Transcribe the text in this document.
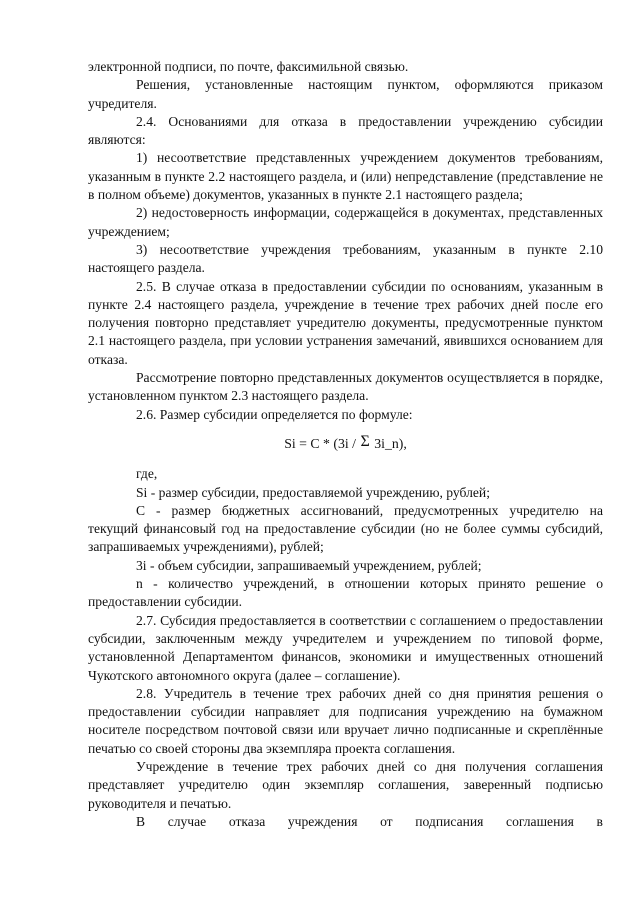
электронной подписи, по почте, факсимильной связью.

Решения, установленные настоящим пунктом, оформляются приказом учредителя.

2.4. Основаниями для отказа в предоставлении учреждению субсидии являются:

1) несоответствие представленных учреждением документов требованиям, указанным в пункте 2.2 настоящего раздела, и (или) непредставление (представление не в полном объеме) документов, указанных в пункте 2.1 настоящего раздела;

2) недостоверность информации, содержащейся в документах, представленных учреждением;

3) несоответствие учреждения требованиям, указанным в пункте 2.10 настоящего раздела.

2.5. В случае отказа в предоставлении субсидии по основаниям, указанным в пункте 2.4 настоящего раздела, учреждение в течение трех рабочих дней после его получения повторно представляет учредителю документы, предусмотренные пунктом 2.1 настоящего раздела, при условии устранения замечаний, явившихся основанием для отказа.

Рассмотрение повторно представленных документов осуществляется в порядке, установленном пунктом 2.3 настоящего раздела.

2.6. Размер субсидии определяется по формуле:

Si = C * (3i / Σ 3i_n),

где,

Si - размер субсидии, предоставляемой учреждению, рублей;

С - размер бюджетных ассигнований, предусмотренных учредителю на текущий финансовый год на предоставление субсидии (но не более суммы субсидий, запрашиваемых учреждениями), рублей;

3i - объем субсидии, запрашиваемый учреждением, рублей;

n - количество учреждений, в отношении которых принято решение о предоставлении субсидии.

2.7. Субсидия предоставляется в соответствии с соглашением о предоставлении субсидии, заключенным между учредителем и учреждением по типовой форме, установленной Департаментом финансов, экономики и имущественных отношений Чукотского автономного округа (далее – соглашение).

2.8. Учредитель в течение трех рабочих дней со дня принятия решения о предоставлении субсидии направляет для подписания учреждению на бумажном носителе посредством почтовой связи или вручает лично подписанные и скреплённые печатью со своей стороны два экземпляра проекта соглашения.

Учреждение в течение трех рабочих дней со дня получения соглашения представляет учредителю один экземпляр соглашения, заверенный подписью руководителя и печатью.

В случае отказа учреждения от подписания соглашения в
